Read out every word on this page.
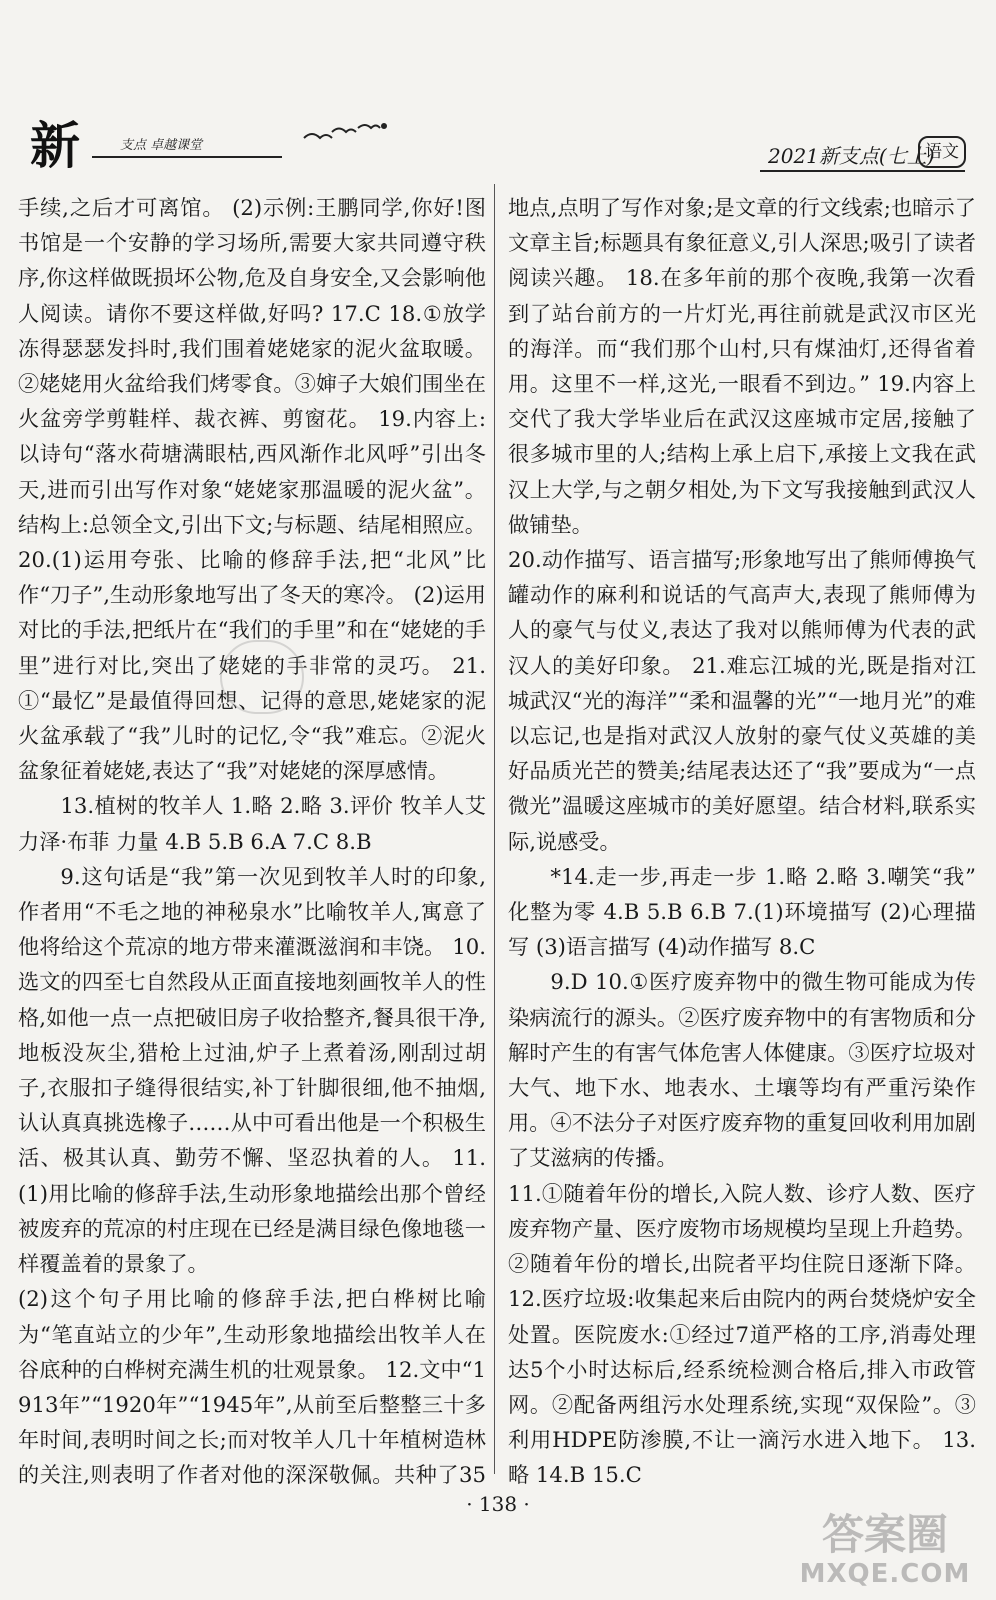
新	支点 卓越课堂	2021新支点(七上)
语文

手续,之后才可离馆。 (2)示例:王鹏同学,你好!图书馆是一个安静的学习场所,需要大家共同遵守秩序,你这样做既损坏公物,危及自身安全,又会影响他人阅读。请你不要这样做,好吗? 17.C 18.①放学冻得瑟瑟发抖时,我们围着姥姥家的泥火盆取暖。②姥姥用火盆给我们烤零食。③婶子大娘们围坐在火盆旁学剪鞋样、裁衣裤、剪窗花。 19.内容上:以诗句“落水荷塘满眼枯,西风渐作北风呼”引出冬天,进而引出写作对象“姥姥家那温暖的泥火盆”。结构上:总领全文,引出下文;与标题、结尾相照应。 20.(1)运用夸张、比喻的修辞手法,把“北风”比作“刀子”,生动形象地写出了冬天的寒冷。 (2)运用对比的手法,把纸片在“我们的手里”和在“姥姥的手里”进行对比,突出了姥姥的手非常的灵巧。 21.①“最忆”是最值得回想、记得的意思,姥姥家的泥火盆承载了“我”儿时的记忆,令“我”难忘。②泥火盆象征着姥姥,表达了“我”对姥姥的深厚感情。

13.植树的牧羊人 1.略 2.略 3.评价 牧羊人艾力泽·布菲 力量 4.B 5.B 6.A 7.C 8.B

9.这句话是“我”第一次见到牧羊人时的印象,作者用“不毛之地的神秘泉水”比喻牧羊人,寓意了他将给这个荒凉的地方带来灌溉滋润和丰饶。 10.选文的四至七自然段从正面直接地刻画牧羊人的性格,如他一点一点把破旧房子收拾整齐,餐具很干净,地板没灰尘,猎枪上过油,炉子上煮着汤,刚刮过胡子,衣服扣子缝得很结实,补丁针脚很细,他不抽烟,认认真真挑选橡子……从中可看出他是一个积极生活、极其认真、勤劳不懈、坚忍执着的人。 11.(1)用比喻的修辞手法,生动形象地描绘出那个曾经被废弃的荒凉的村庄现在已经是满目绿色像地毯一样覆盖着的景象了。

(2)这个句子用比喻的修辞手法,把白桦树比喻为“笔直站立的少年”,生动形象地描绘出牧羊人在谷底种的白桦树充满生机的壮观景象。 12.文中“1913年”“1920年”“1945年”,从前至后整整三十多年时间,表明时间之长;而对牧羊人几十年植树造林的关注,则表明了作者对他的深深敬佩。共种了35

地点,点明了写作对象;是文章的行文线索;也暗示了文章主旨;标题具有象征意义,引人深思;吸引了读者阅读兴趣。 18.在多年前的那个夜晚,我第一次看到了站台前方的一片灯光,再往前就是武汉市区光的海洋。而“我们那个山村,只有煤油灯,还得省着用。这里不一样,这光,一眼看不到边。” 19.内容上交代了我大学毕业后在武汉这座城市定居,接触了很多城市里的人;结构上承上启下,承接上文我在武汉上大学,与之朝夕相处,为下文写我接触到武汉人做铺垫。

20.动作描写、语言描写;形象地写出了熊师傅换气罐动作的麻利和说话的气高声大,表现了熊师傅为人的豪气与仗义,表达了我对以熊师傅为代表的武汉人的美好印象。 21.难忘江城的光,既是指对江城武汉“光的海洋”“柔和温馨的光”“一地月光”的难以忘记,也是指对武汉人放射的豪气仗义英雄的美好品质光芒的赞美;结尾表达还了“我”要成为“一点微光”温暖这座城市的美好愿望。结合材料,联系实际,说感受。

*14.走一步,再走一步 1.略 2.略 3.嘲笑“我” 化整为零 4.B 5.B 6.B 7.(1)环境描写 (2)心理描写 (3)语言描写 (4)动作描写 8.C

9.D 10.①医疗废弃物中的微生物可能成为传染病流行的源头。②医疗废弃物中的有害物质和分解时产生的有害气体危害人体健康。③医疗垃圾对大气、地下水、地表水、土壤等均有严重污染作用。④不法分子对医疗废弃物的重复回收利用加剧了艾滋病的传播。

11.①随着年份的增长,入院人数、诊疗人数、医疗废弃物产量、医疗废物市场规模均呈现上升趋势。②随着年份的增长,出院者平均住院日逐渐下降。 12.医疗垃圾:收集起来后由院内的两台焚烧炉安全处置。医院废水:①经过7道严格的工序,消毒处理达5个小时达标后,经系统检测合格后,排入市政管网。②配备两组污水处理系统,实现“双保险”。③利用HDPE防渗膜,不让一滴污水进入地下。 13.略 14.B 15.C

· 138 ·
答案圈
MXQE.COM
